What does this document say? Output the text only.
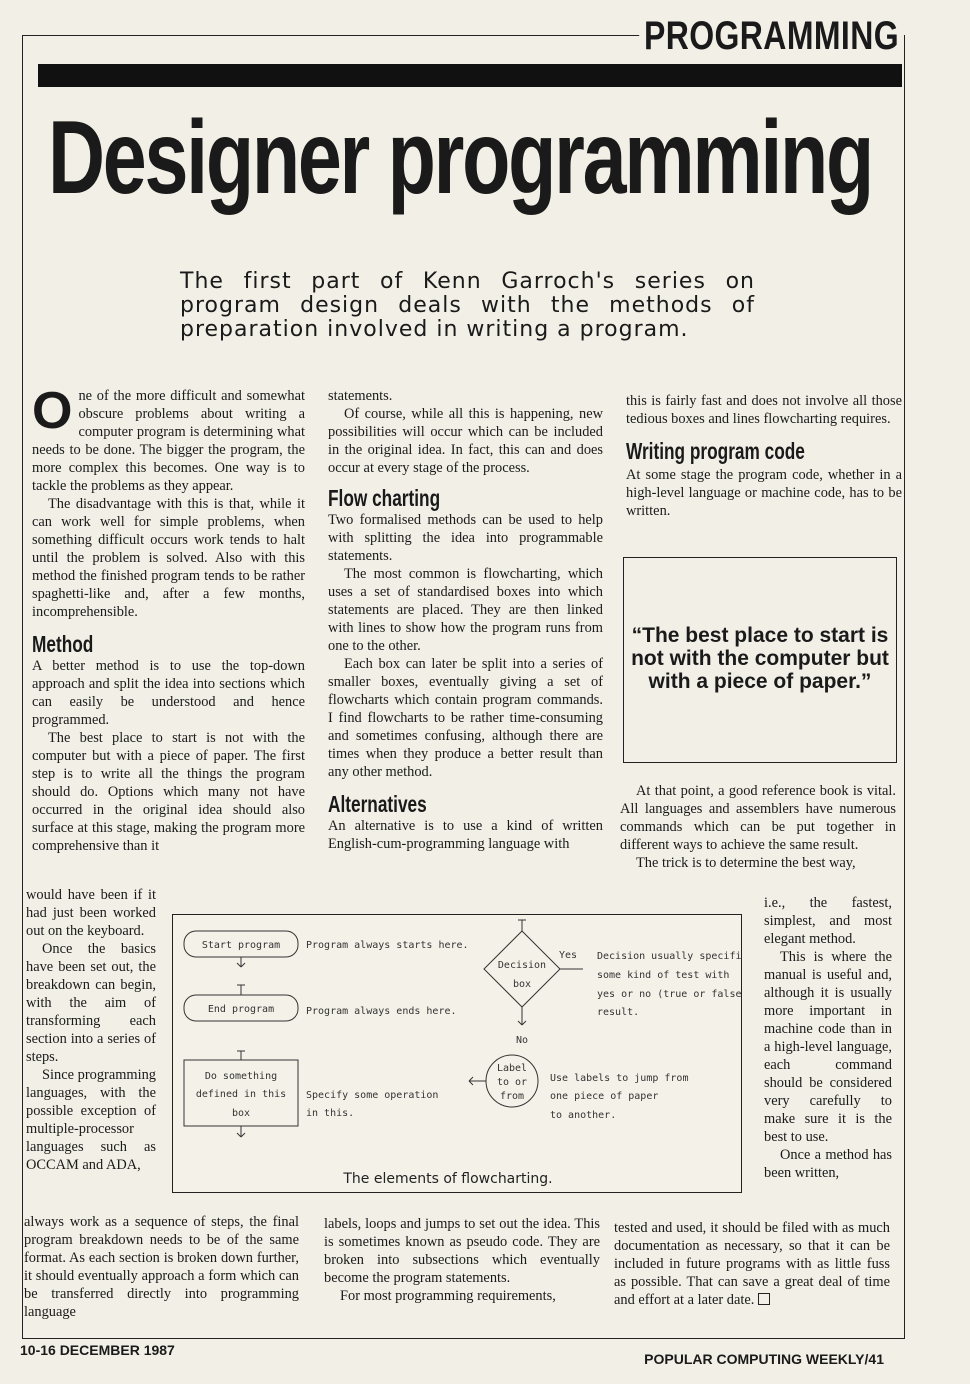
PROGRAMMING
Designer programming
The first part of Kenn Garroch's series on program design deals with the methods of preparation involved in writing a program.
O ne of the more difficult and somewhat obscure problems about writing a computer program is determining what needs to be done. The bigger the program, the more complex this becomes. One way is to tackle the problems as they appear.

The disadvantage with this is that, while it can work well for simple problems, when something difficult occurs work tends to halt until the problem is solved. Also with this method the finished program tends to be rather spaghetti-like and, after a few months, incomprehensible.

Method

A better method is to use the top-down approach and split the idea into sections which can easily be understood and hence programmed.

The best place to start is not with the computer but with a piece of paper. The first step is to write all the things the program should do. Options which many not have occurred in the original idea should also surface at this stage, making the program more comprehensive than it

would have been if it had just been worked out on the keyboard.

Once the basics have been set out, the breakdown can begin, with the aim of transforming each section into a series of steps.

Since programming languages, with the possible exception of multiple-processor languages such as OCCAM and ADA,

always work as a sequence of steps, the final program breakdown needs to be of the same format. As each section is broken down further, it should eventually approach a form which can be transferred directly into programming language

statements.

Of course, while all this is happening, new possibilities will occur which can be included in the original idea. In fact, this can and does occur at every stage of the process.

Flow charting

Two formalised methods can be used to help with splitting the idea into programmable statements.

The most common is flowcharting, which uses a set of standardised boxes into which statements are placed. They are then linked with lines to show how the program runs from one to the other.

Each box can later be split into a series of smaller boxes, eventually giving a set of flowcharts which contain program commands. I find flowcharts to be rather time-consuming and sometimes confusing, although there are times when they produce a better result than any other method.

Alternatives

An alternative is to use a kind of written English-cum-programming language with

labels, loops and jumps to set out the idea. This is sometimes known as pseudo code. They are broken into subsections which eventually become the program statements.

For most programming requirements,

this is fairly fast and does not involve all those tedious boxes and lines flowcharting requires.

Writing program code

At some stage the program code, whether in a high-level language or machine code, has to be written.

“The best place to start is not with the computer but with a piece of paper.”

At that point, a good reference book is vital. All languages and assemblers have numerous commands which can be put together in different ways to achieve the same result.

The trick is to determine the best way,

i.e., the fastest, simplest, and most elegant method.

This is where the manual is useful and, although it is usually more important in machine code than in a high-level language, each command should be considered very carefully to make sure it is the best to use.

Once a method has been written,

tested and used, it should be filed with as much documentation as necessary, so that it can be included in future programs with as little fuss as possible. That can save a great deal of time and effort at a later date.

Start program	Program always starts here.
End program	Program always ends here.
Do something
defined in this
box
Specify some operation
in this.
Decision
box
Yes
No
Decision usually specifies
some kind of test with
yes or no (true or false)
result.
Label
to or
from
Use labels to jump from
one piece of paper
to another.
The elements of flowcharting.
10-16 DECEMBER 1987
POPULAR COMPUTING WEEKLY/41
